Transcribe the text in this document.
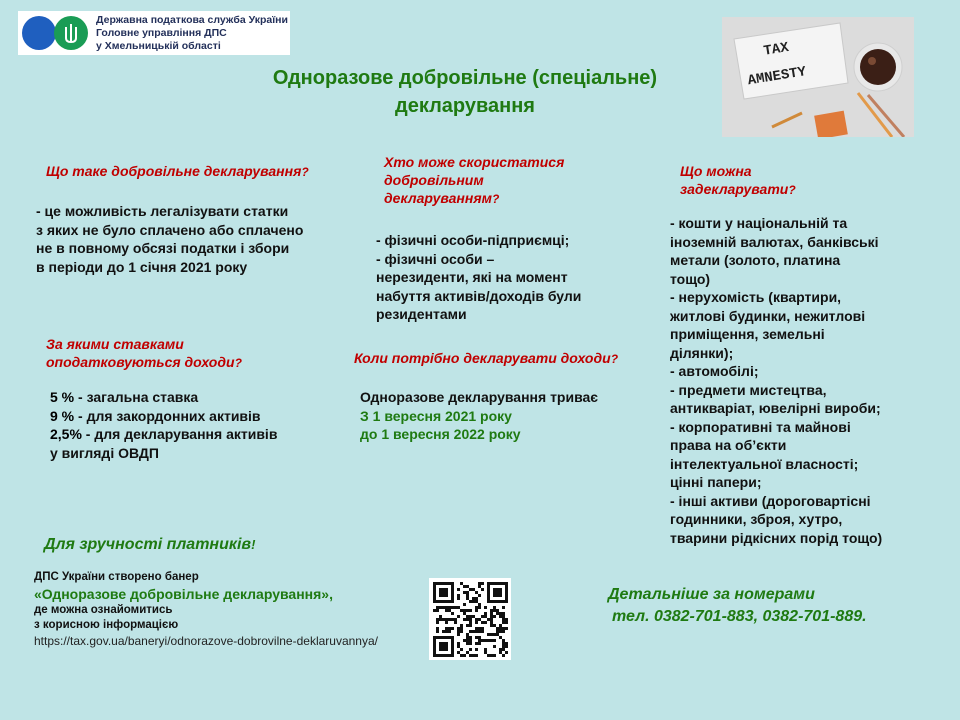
Державна податкова служба України
Головне управління ДПС
у Хмельницькій області	TAX
AMNESTY
Одноразове добровільне (спеціальне)
декларування
Що таке добровільне декларування?
- це можливість легалізувати статки
з яких не було сплачено або сплачено
не в повному обсязі податки і збори
в періоди до 1 січня 2021 року
Хто може скористатися
добровільним
декларуванням?
- фізичні особи-підприємці;
- фізичні особи –
нерезиденти, які на момент
набуття активів/доходів були
резидентами
Що можна
задекларувати?
- кошти у національній та
іноземній валютах, банківські
метали (золото, платина
тощо)
- нерухомість (квартири,
житлові будинки, нежитлові
приміщення, земельні
ділянки);
- автомобілі;
- предмети мистецтва,
антикваріат, ювелірні вироби;
- корпоративні та майнові
права на об’єкти
інтелектуальної власності;
цінні папери;
- інші активи (дороговартісні
годинники, зброя, хутро,
тварини рідкісних порід тощо)
За якими ставками
оподатковуються доходи?
5 % - загальна ставка
9 % - для закордонних активів
2,5% - для декларування активів
у вигляді ОВДП
Коли потрібно декларувати доходи?
Одноразове декларування триває
З 1 вересня 2021 року
до 1 вересня 2022 року
Для зручності платників!
ДПС України створено банер
«Одноразове добровільне декларування»,
де можна ознайомитись
з корисною інформацією
https://tax.gov.ua/baneryi/odnorazove-dobrovilne-deklaruvannya/
Детальніше за номерами
тел. 0382-701-883, 0382-701-889.
